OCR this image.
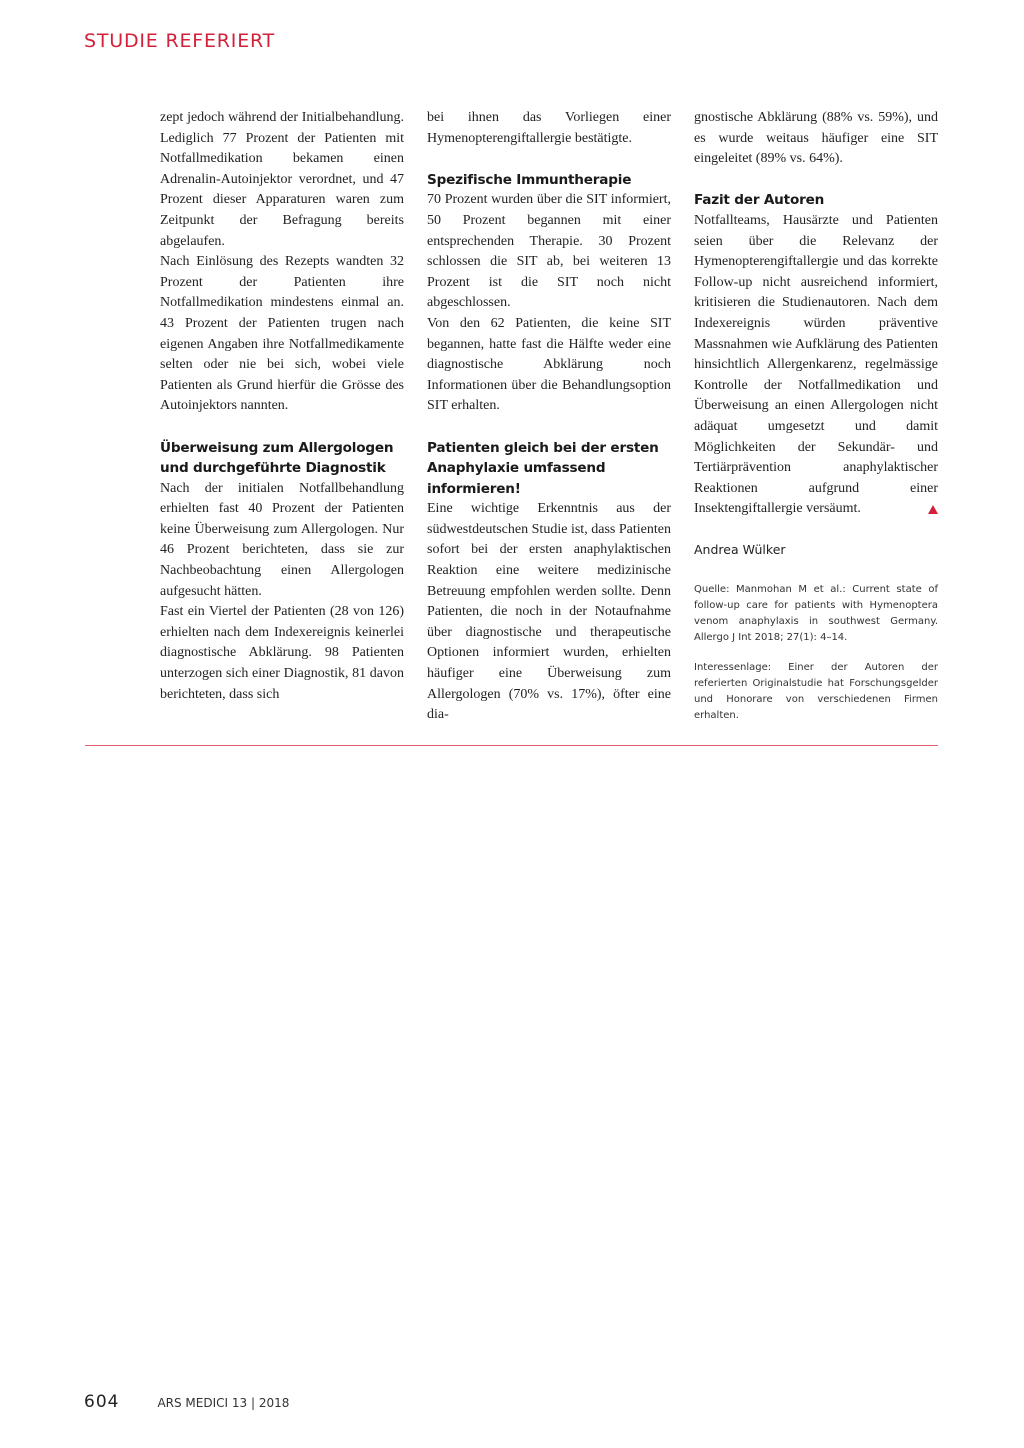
STUDIE REFERIERT

zept jedoch während der Initialbehandlung. Lediglich 77 Prozent der Patienten mit Notfallmedikation bekamen einen Adrenalin-Autoinjektor verordnet, und 47 Prozent dieser Apparaturen waren zum Zeitpunkt der Befragung bereits abgelaufen.

Nach Einlösung des Rezepts wandten 32 Prozent der Patienten ihre Notfallmedikation mindestens einmal an. 43 Prozent der Patienten trugen nach eigenen Angaben ihre Notfallmedikamente selten oder nie bei sich, wobei viele Patienten als Grund hierfür die Grösse des Autoinjektors nannten.

Überweisung zum Allergologen und durchgeführte Diagnostik

Nach der initialen Notfallbehandlung erhielten fast 40 Prozent der Patienten keine Überweisung zum Allergologen. Nur 46 Prozent berichteten, dass sie zur Nachbeobachtung einen Allergologen aufgesucht hätten.

Fast ein Viertel der Patienten (28 von 126) erhielten nach dem Indexereignis keinerlei diagnostische Abklärung. 98 Patienten unterzogen sich einer Diagnostik, 81 davon berichteten, dass sich

bei ihnen das Vorliegen einer Hymenopterengiftallergie bestätigte.

Spezifische Immuntherapie

70 Prozent wurden über die SIT informiert, 50 Prozent begannen mit einer entsprechenden Therapie. 30 Prozent schlossen die SIT ab, bei weiteren 13 Prozent ist die SIT noch nicht abgeschlossen.

Von den 62 Patienten, die keine SIT begannen, hatte fast die Hälfte weder eine diagnostische Abklärung noch Informationen über die Behandlungsoption SIT erhalten.

Patienten gleich bei der ersten Anaphylaxie umfassend informieren!

Eine wichtige Erkenntnis aus der südwestdeutschen Studie ist, dass Patienten sofort bei der ersten anaphylaktischen Reaktion eine weitere medizinische Betreuung empfohlen werden sollte. Denn Patienten, die noch in der Notaufnahme über diagnostische und therapeutische Optionen informiert wurden, erhielten häufiger eine Überweisung zum Allergologen (70% vs. 17%), öfter eine dia-

gnostische Abklärung (88% vs. 59%), und es wurde weitaus häufiger eine SIT eingeleitet (89% vs. 64%).

Fazit der Autoren

Notfallteams, Hausärzte und Patienten seien über die Relevanz der Hymenopterengiftallergie und das korrekte Follow-up nicht ausreichend informiert, kritisieren die Studienautoren. Nach dem Indexereignis würden präventive Massnahmen wie Aufklärung des Patienten hinsichtlich Allergenkarenz, regelmässige Kontrolle der Notfallmedikation und Überweisung an einen Allergologen nicht adäquat umgesetzt und damit Möglichkeiten der Sekundär- und Tertiärprävention anaphylaktischer Reaktionen aufgrund einer Insektengiftallergie versäumt.

Andrea Wülker
Quelle: Manmohan M et al.: Current state of follow-up care for patients with Hymenoptera venom anaphylaxis in southwest Germany. Allergo J Int 2018; 27(1): 4–14.
Interessenlage: Einer der Autoren der referierten Originalstudie hat Forschungsgelder und Honorare von verschiedenen Firmen erhalten.
604	ARS MEDICI 13 | 2018
